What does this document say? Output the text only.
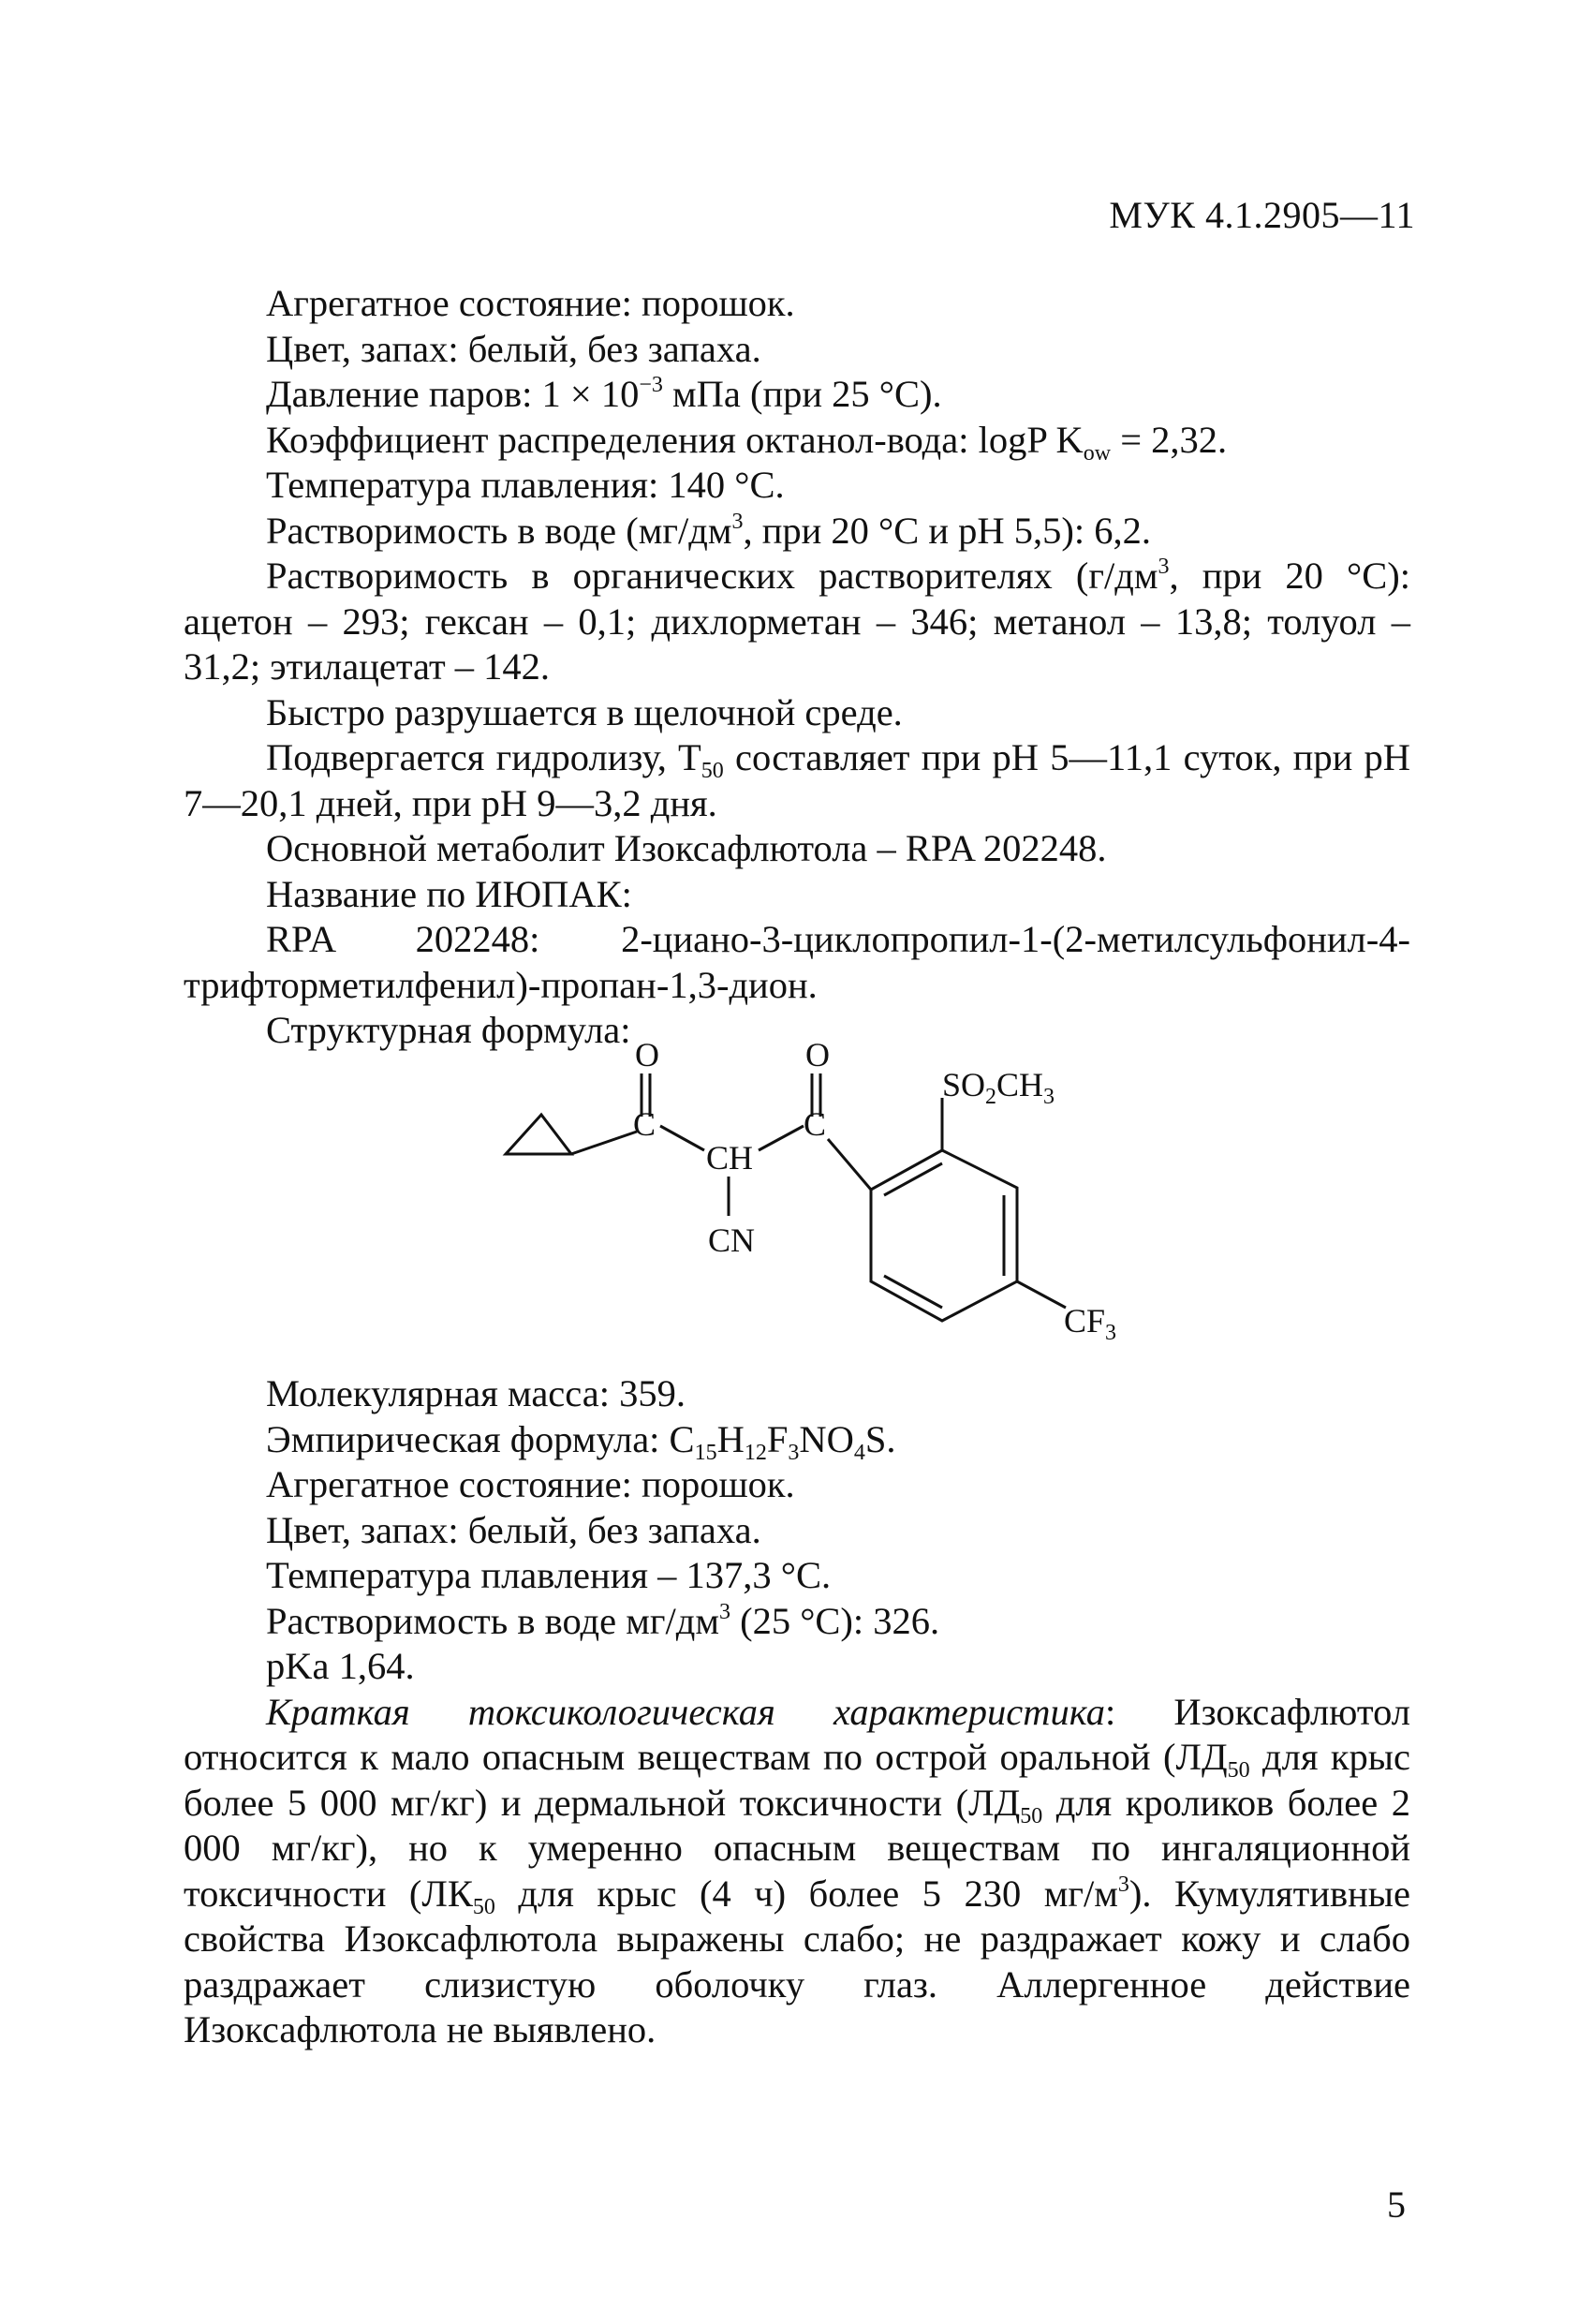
МУК 4.1.2905—11

Агрегатное состояние: порошок.

Цвет, запах: белый, без запаха.

Давление паров: $1 \times 10^{-3}$ мПа (при 25 °С).

Коэффициент распределения октанол-вода: logP $K_{ow} = 2,32$.

Температура плавления: 140 °С.

Растворимость в воде ($мг/дм^3$, при 20 °С и pH 5,5): 6,2.

Растворимость в органических растворителях ($г/дм^3$, при 20 °С): ацетон – 293; гексан – 0,1; дихлорметан – 346; метанол – 13,8; толуол – 31,2; этилацетат – 142.

Быстро разрушается в щелочной среде.

Подвергается гидролизу, $T_{50}$ составляет при pH 5—11,1 суток, при pH 7—20,1 дней, при pH 9—3,2 дня.

Основной метаболит Изоксафлютола – RPA 202248.

Название по ИЮПАК:

RPA 202248: 2-циано-3-циклопропил-1-(2-метилсульфонил-4-трифторметилфенил)-пропан-1,3-дион.

Структурная формула:

O
C
CH
CN
O
C
$SO_2CH_3$
$CF_3$

Молекулярная масса: 359.

Эмпирическая формула: $C_{15}H_{12}F_3NO_4S$.

Агрегатное состояние: порошок.

Цвет, запах: белый, без запаха.

Температура плавления – 137,3 °С.

Растворимость в воде $мг/дм^3$ (25 °С): 326.

pKa 1,64.

Краткая токсикологическая характеристика: Изоксафлютол относится к мало опасным веществам по острой оральной ($ЛД_{50}$ для крыс более 5 000 мг/кг) и дермальной токсичности ($ЛД_{50}$ для кроликов более 2 000 мг/кг), но к умеренно опасным веществам по ингаляционной токсичности ($ЛК_{50}$ для крыс (4 ч) более 5 230 $мг/м^3$). Кумулятивные свойства Изоксафлютола выражены слабо; не раздражает кожу и слабо раздражает слизистую оболочку глаз. Аллергенное действие Изоксафлютола не выявлено.

5
